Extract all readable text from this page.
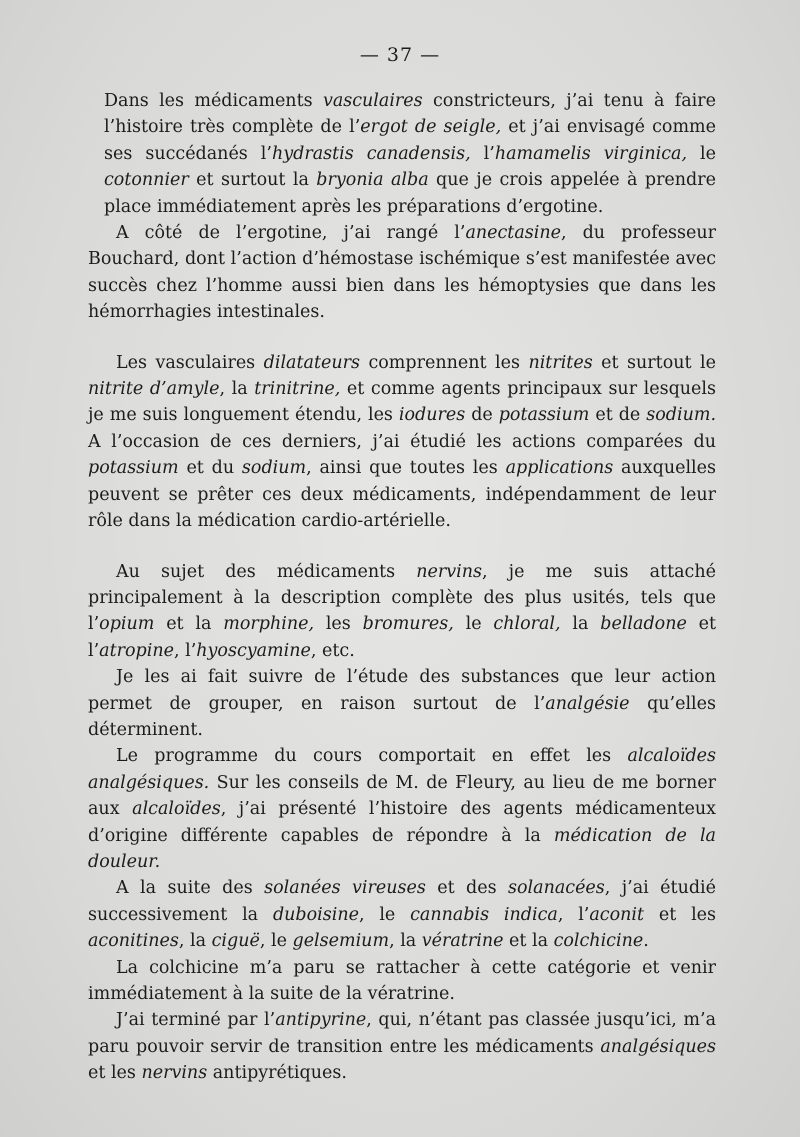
— 37 —

Dans les médicaments vasculaires constricteurs, j’ai tenu à faire l’histoire très complète de l’ergot de seigle, et j’ai envisagé comme ses succédanés l’hydrastis canadensis, l’hamamelis virginica, le cotonnier et surtout la bryonia alba que je crois appelée à prendre place immédiatement après les préparations d’ergotine.

A côté de l’ergotine, j’ai rangé l’anectasine, du professeur Bouchard, dont l’action d’hémostase ischémique s’est manifestée avec succès chez l’homme aussi bien dans les hémoptysies que dans les hémorrhagies intestinales.

Les vasculaires dilatateurs comprennent les nitrites et surtout le nitrite d’amyle, la trinitrine, et comme agents principaux sur lesquels je me suis longuement étendu, les iodures de potassium et de sodium. A l’occasion de ces derniers, j’ai étudié les actions comparées du potassium et du sodium, ainsi que toutes les applications auxquelles peuvent se prêter ces deux médicaments, indépendamment de leur rôle dans la médication cardio-artérielle.

Au sujet des médicaments nervins, je me suis attaché principalement à la description complète des plus usités, tels que l’opium et la morphine, les bromures, le chloral, la belladone et l’atropine, l’hyoscyamine, etc.

Je les ai fait suivre de l’étude des substances que leur action permet de grouper, en raison surtout de l’analgésie qu’elles déterminent.

Le programme du cours comportait en effet les alcaloïdes analgésiques. Sur les conseils de M. de Fleury, au lieu de me borner aux alcaloïdes, j’ai présenté l’histoire des agents médicamenteux d’origine différente capables de répondre à la médication de la douleur.

A la suite des solanées vireuses et des solanacées, j’ai étudié successivement la duboisine, le cannabis indica, l’aconit et les aconitines, la ciguë, le gelsemium, la vératrine et la colchicine.

La colchicine m’a paru se rattacher à cette catégorie et venir immédiatement à la suite de la vératrine.

J’ai terminé par l’antipyrine, qui, n’étant pas classée jusqu’ici, m’a paru pouvoir servir de transition entre les médicaments analgésiques et les nervins antipyrétiques.
